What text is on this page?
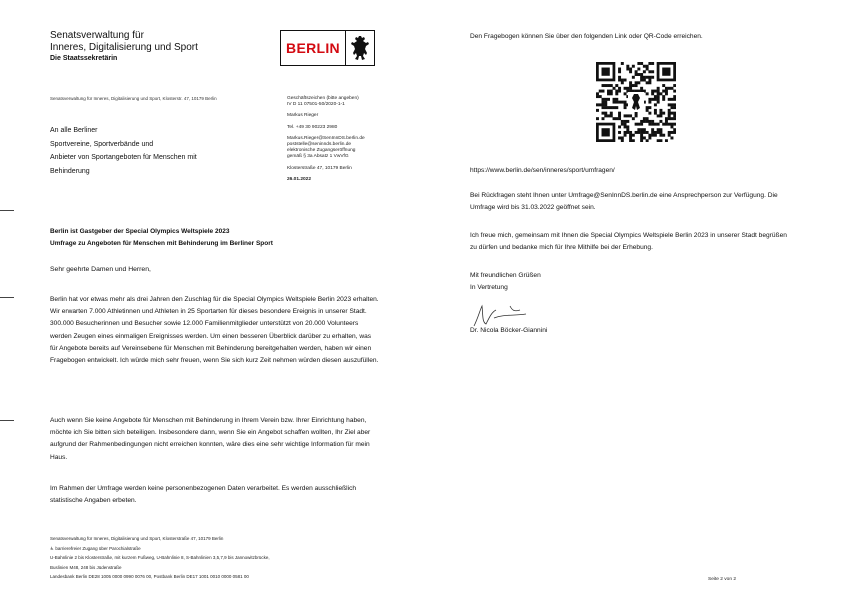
Senatsverwaltung für
Inneres, Digitalisierung und Sport
Die Staatssekretärin
BERLIN
Senatsverwaltung für Inneres, Digitalisierung und Sport, Klosterstr. 47, 10179 Berlin
An alle Berliner
Sportvereine, Sportverbände und
Anbieter von Sportangeboten für Menschen mit
Behinderung
Geschäftszeichen (bitte angeben)
IV D 11 07501-50/2020-1-1
Markus Rieger
Tel. +49 30 90223 2980
Markus.Rieger@SenInnDS.berlin.de
poststelle@seninnds.berlin.de
elektronische Zugangseröffnung
gemäß § 3a Absatz 1 VwVfG
Klosterstraße 47, 10179 Berlin
26.01.2022
Berlin ist Gastgeber der Special Olympics Weltspiele 2023
Umfrage zu Angeboten für Menschen mit Behinderung im Berliner Sport
Sehr geehrte Damen und Herren,
Berlin hat vor etwas mehr als drei Jahren den Zuschlag für die Special Olympics Weltspiele Berlin 2023 erhalten. Wir erwarten 7.000 Athletinnen und Athleten in 25 Sportarten für dieses besondere Ereignis in unserer Stadt. 300.000 Besucherinnen und Besucher sowie 12.000 Familienmitglieder unterstützt von 20.000 Volunteers werden Zeugen eines einmaligen Ereignisses werden. Um einen besseren Überblick darüber zu erhalten, was für Angebote bereits auf Vereinsebene für Menschen mit Behinderung bereitgehalten werden, haben wir einen Fragebogen entwickelt. Ich würde mich sehr freuen, wenn Sie sich kurz Zeit nehmen würden diesen auszufüllen.
Auch wenn Sie keine Angebote für Menschen mit Behinderung in Ihrem Verein bzw. Ihrer Einrichtung haben, möchte ich Sie bitten sich beteiligen. Insbesondere dann, wenn Sie ein Angebot schaffen wollten, Ihr Ziel aber aufgrund der Rahmenbedingungen nicht erreichen konnten, wäre dies eine sehr wichtige Information für mein Haus.
Im Rahmen der Umfrage werden keine personenbezogenen Daten verarbeitet. Es werden ausschließlich statistische Angaben erbeten.
Senatsverwaltung für Inneres, Digitalisierung und Sport, Klosterstraße 47, 10179 Berlin
♿ barrierefreier Zugang über Parochialstraße
U-Bahnlinie 2 bis Klosterstraße, mit kurzem Fußweg, U-Bahnlinie 8, S-Bahnlinien 3,5,7,9 bis Jannowitzbrücke,
Buslinien M48, 248 bis Jüdenstraße
Landesbank Berlin DE28 1005 0000 0990 0076 00, Postbank Berlin DE17 1001 0010 0000 0581 00
Den Fragebogen können Sie über den folgenden Link oder QR-Code erreichen.
https://www.berlin.de/sen/inneres/sport/umfragen/
Bei Rückfragen steht Ihnen unter Umfrage@SenInnDS.berlin.de eine Ansprechperson zur Verfügung. Die Umfrage wird bis 31.03.2022 geöffnet sein.
Ich freue mich, gemeinsam mit Ihnen die Special Olympics Weltspiele Berlin 2023 in unserer Stadt begrüßen zu dürfen und bedanke mich für Ihre Mithilfe bei der Erhebung.
Mit freundlichen Grüßen
In Vertretung
Dr. Nicola Böcker-Giannini
Seite 2 von 2
